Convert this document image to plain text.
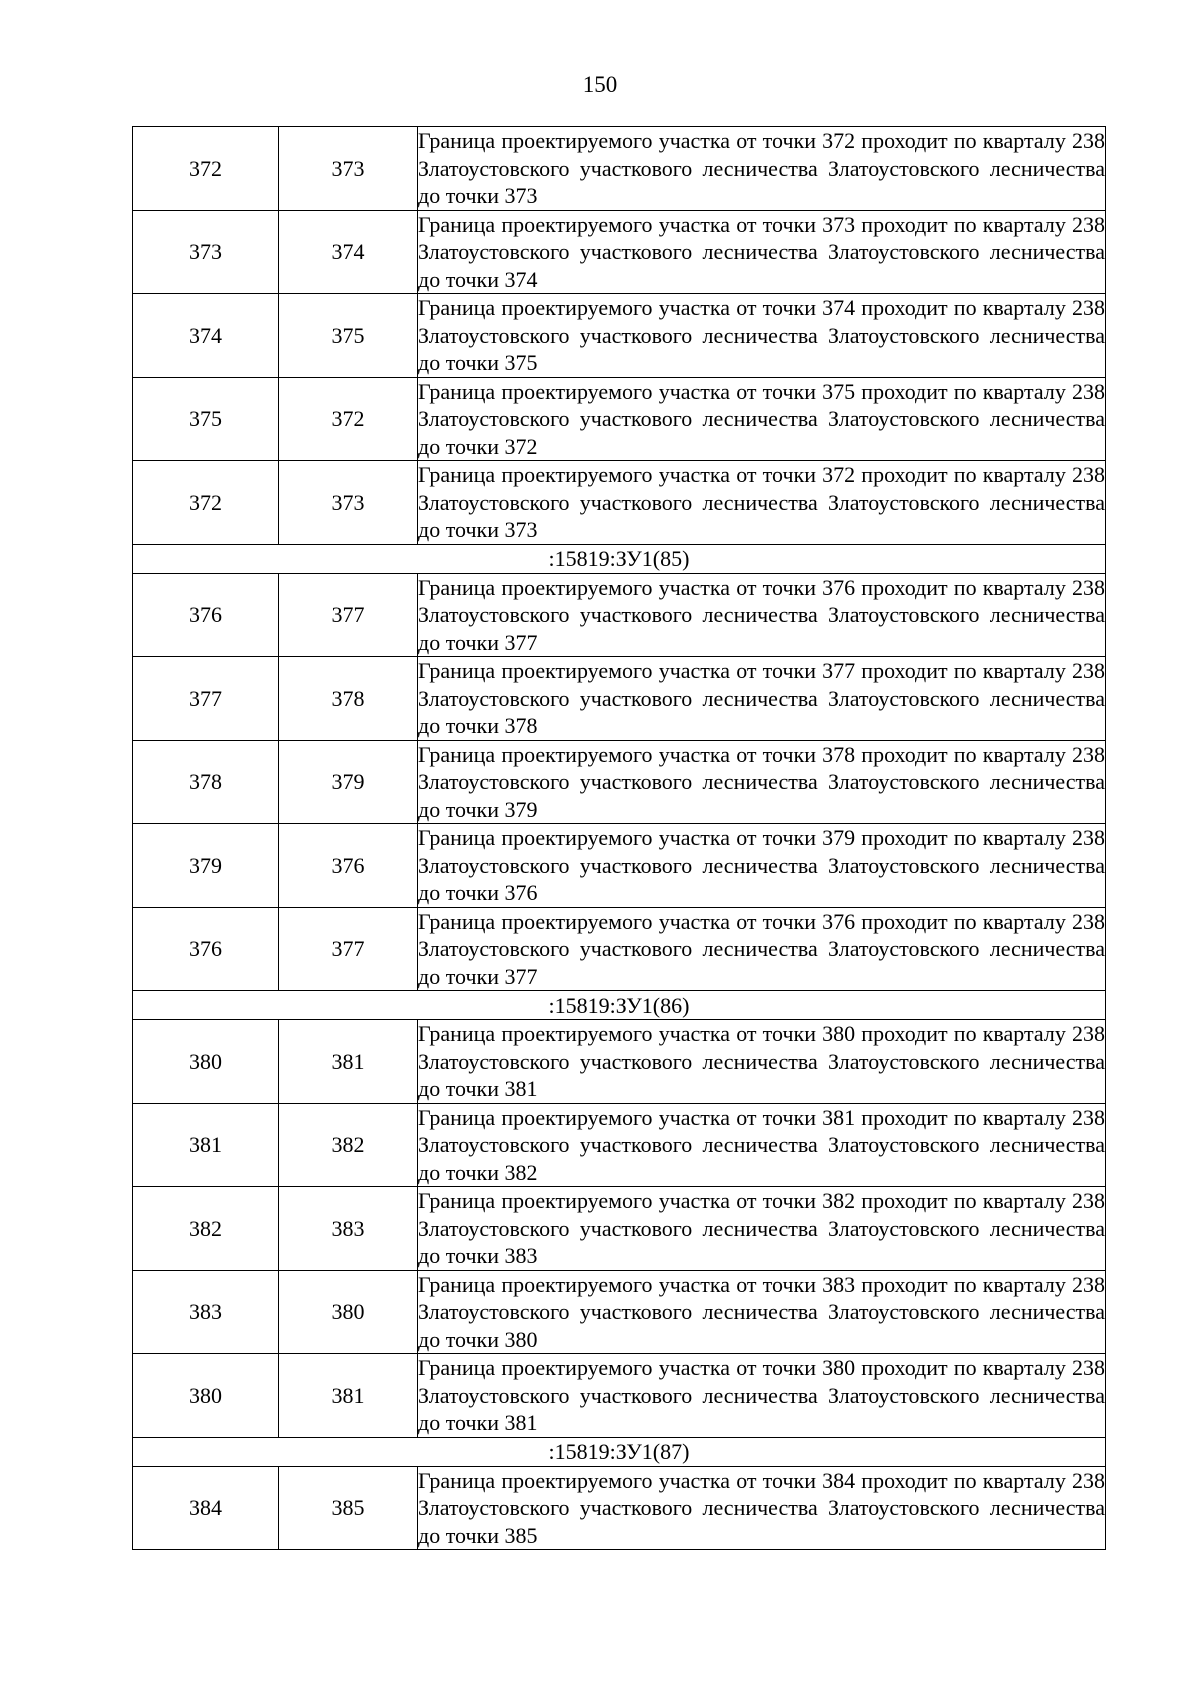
150
372	373	Граница проектируемого участка от точки 372 проходит по кварталу 238 Златоустовского участкового лесничества Златоустовского лесничества до точки 373
373	374	Граница проектируемого участка от точки 373 проходит по кварталу 238 Златоустовского участкового лесничества Златоустовского лесничества до точки 374
374	375	Граница проектируемого участка от точки 374 проходит по кварталу 238 Златоустовского участкового лесничества Златоустовского лесничества до точки 375
375	372	Граница проектируемого участка от точки 375 проходит по кварталу 238 Златоустовского участкового лесничества Златоустовского лесничества до точки 372
372	373	Граница проектируемого участка от точки 372 проходит по кварталу 238 Златоустовского участкового лесничества Златоустовского лесничества до точки 373
:15819:ЗУ1(85)		
376	377	Граница проектируемого участка от точки 376 проходит по кварталу 238 Златоустовского участкового лесничества Златоустовского лесничества до точки 377
377	378	Граница проектируемого участка от точки 377 проходит по кварталу 238 Златоустовского участкового лесничества Златоустовского лесничества до точки 378
378	379	Граница проектируемого участка от точки 378 проходит по кварталу 238 Златоустовского участкового лесничества Златоустовского лесничества до точки 379
379	376	Граница проектируемого участка от точки 379 проходит по кварталу 238 Златоустовского участкового лесничества Златоустовского лесничества до точки 376
376	377	Граница проектируемого участка от точки 376 проходит по кварталу 238 Златоустовского участкового лесничества Златоустовского лесничества до точки 377
:15819:ЗУ1(86)		
380	381	Граница проектируемого участка от точки 380 проходит по кварталу 238 Златоустовского участкового лесничества Златоустовского лесничества до точки 381
381	382	Граница проектируемого участка от точки 381 проходит по кварталу 238 Златоустовского участкового лесничества Златоустовского лесничества до точки 382
382	383	Граница проектируемого участка от точки 382 проходит по кварталу 238 Златоустовского участкового лесничества Златоустовского лесничества до точки 383
383	380	Граница проектируемого участка от точки 383 проходит по кварталу 238 Златоустовского участкового лесничества Златоустовского лесничества до точки 380
380	381	Граница проектируемого участка от точки 380 проходит по кварталу 238 Златоустовского участкового лесничества Златоустовского лесничества до точки 381
:15819:ЗУ1(87)		
384	385	Граница проектируемого участка от точки 384 проходит по кварталу 238 Златоустовского участкового лесничества Златоустовского лесничества до точки 385
